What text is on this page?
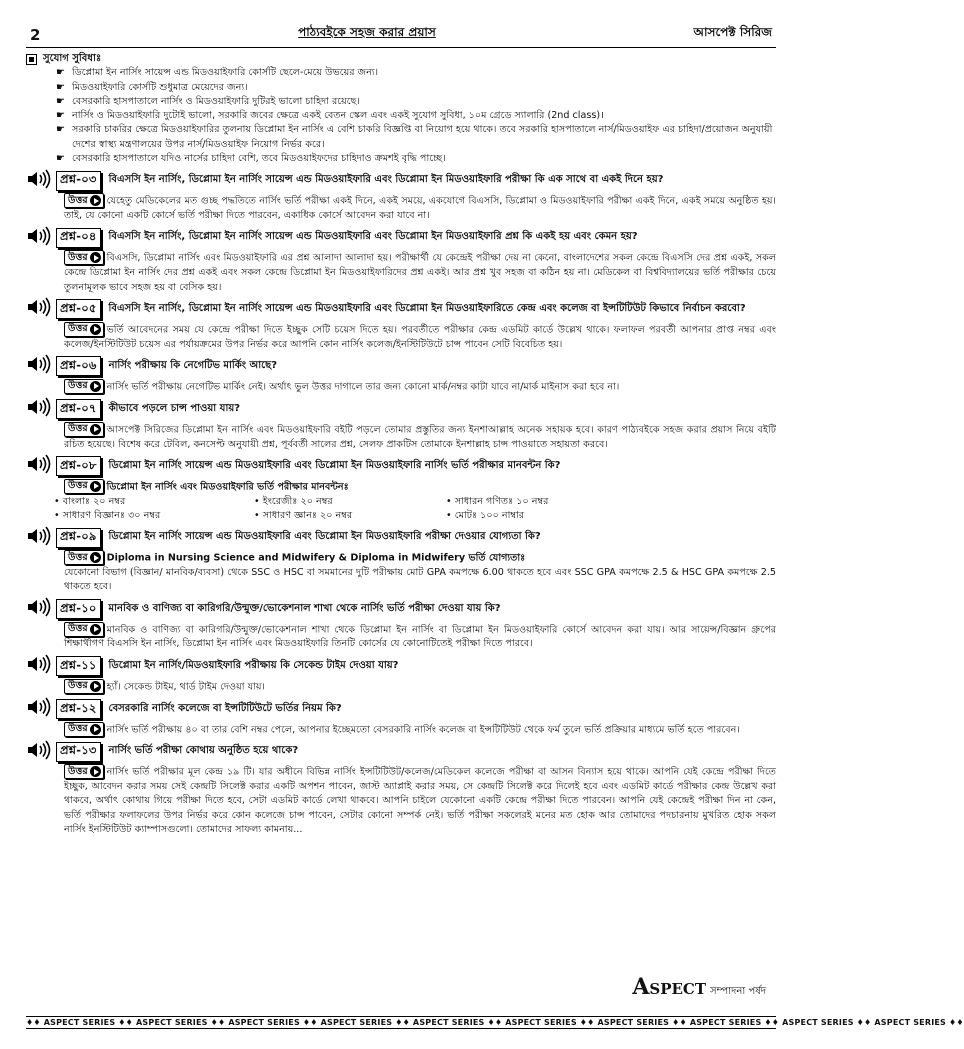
2	পাঠ্যবইকে সহজ করার প্রয়াস	আসপেক্ট সিরিজ
সুযোগ সুবিধাঃ
☛ ডিপ্লোমা ইন নার্সিং সায়েন্স এন্ড মিডওয়াইফারি কোর্সটি ছেলে-মেয়ে উভয়ের জন্য।
☛ মিডওয়াইফারি কোর্সটি শুধুমাত্র মেয়েদের জন্য।
☛ বেসরকারি হাসপাতালে নার্সিং ও মিডওয়াইফারি দুটিরই ভালো চাহিদা রয়েছে।
☛ নার্সিং ও মিডওয়াইফারি দুটোই ভালো, সরকারি জবের ক্ষেত্রে একই বেতন স্কেল এবং একই সুযোগ সুবিধা, ১০ম গ্রেডে স্যালারি (2nd class)।
☛ সরকারি চাকরির ক্ষেত্রে মিডওয়াইফারির তুলনায় ডিপ্লোমা ইন নার্সিং এ বেশি চাকরি বিজ্ঞপ্তি বা নিয়োগ হয়ে থাকে। তবে সরকারি হাসপাতালে নার্স/মিডওয়াইফ এর চাহিদা/প্রয়োজন অনুযায়ী দেশের স্বাস্থ্য মন্ত্রণালয়ের উপর নার্স/মিডওয়াইফ নিয়োগ নির্ভর করে।
☛ বেসরকারি হাসপাতালে যদিও নার্সের চাহিদা বেশি, তবে মিডওয়াইফদের চাহিদাও ক্রমশই বৃদ্ধি পাচ্ছে।
প্রশ্ন-০৩	বিএসসি ইন নার্সিং, ডিপ্লোমা ইন নার্সিং সায়েন্স এন্ড মিডওয়াইফারি এবং ডিপ্লোমা ইন মিডওয়াইফারি পরীক্ষা কি এক সাথে বা একই দিনে হয়?
উত্তর যেহেতু মেডিকেলের মত গুচ্ছ পদ্ধতিতে নার্সিং ভর্তি পরীক্ষা একই দিনে, একই সময়ে, একযোগে বিএসসি, ডিপ্লোমা ও মিডওয়াইফারি পরীক্ষা একই দিনে, একই সময়ে অনুষ্ঠিত হয়। তাই, যে কোনো একটি কোর্সে ভর্তি পরীক্ষা দিতে পারবেন, একাধিক কোর্সে আবেদন করা যাবে না।
প্রশ্ন-০৪	বিএসসি ইন নার্সিং, ডিপ্লোমা ইন নার্সিং সায়েন্স এন্ড মিডওয়াইফারি এবং ডিপ্লোমা ইন মিডওয়াইফারি প্রশ্ন কি একই হয় এবং কেমন হয়?
উত্তর বিএসসি, ডিপ্লোমা নার্সিং এবং মিডওয়াইফারি এর প্রশ্ন আলাদা আলাদা হয়। পরীক্ষার্থী যে কেন্দ্রেই পরীক্ষা দেয় না কেনো, বাংলাদেশের সকল কেন্দ্রে বিএসসি দের প্রশ্ন একই, সকল কেন্দ্রে ডিপ্লোমা ইন নার্সিং দের প্রশ্ন একই এবং সকল কেন্দ্রে ডিপ্লোমা ইন মিডওয়াইফারিদের প্রশ্ন একই। আর প্রশ্ন খুব সহজ বা কঠিন হয় না। মেডিকেল বা বিশ্ববিদ্যালয়ের ভর্তি পরীক্ষার চেয়ে তুলনামূলক ভাবে সহজ হয় বা বেসিক হয়।
প্রশ্ন-০৫	বিএসসি ইন নার্সিং, ডিপ্লোমা ইন নার্সিং সায়েন্স এন্ড মিডওয়াইফারি এবং ডিপ্লোমা ইন মিডওয়াইফারিতে কেন্দ্র এবং কলেজ বা ইন্সটিটিউট কিভাবে নির্বাচন করবো?
উত্তর ভর্তি আবেদনের সময় যে কেন্দ্রে পরীক্ষা দিতে ইচ্ছুক সেটি চয়েস দিতে হয়। পরবর্তীতে পরীক্ষার কেন্দ্র এডমিট কার্ডে উল্লেখ থাকে। ফলাফল পরবর্তী আপনার প্রাপ্ত নম্বর এবং কলেজ/ইনস্টিটিউট চয়েস এর পর্যায়ক্রমের উপর নির্ভর করে আপনি কোন নার্সিং কলেজ/ইনস্টিটিউটে চান্স পাবেন সেটি বিবেচিত হয়।
প্রশ্ন-০৬	নার্সিং পরীক্ষায় কি নেগেটিভ মার্কিং আছে?
উত্তর নার্সিং ভর্তি পরীক্ষায় নেগেটিভ মার্কিং নেই। অর্থাৎ ভুল উত্তর দাগালে তার জন্য কোনো মার্ক/নম্বর কাটা যাবে না/মার্ক মাইনাস করা হবে না।
প্রশ্ন-০৭	কীভাবে পড়লে চান্স পাওয়া যায়?
উত্তর আসপেক্ট সিরিজের ডিপ্লোমা ইন নার্সিং এবং মিডওয়াইফারি বইটি পড়লে তোমার প্রস্তুতির জন্য ইনশাআল্লাহ অনেক সহায়ক হবে। কারণ পাঠ্যবইকে সহজ করার প্রয়াস নিয়ে বইটি রচিত হয়েছে। বিশেষ করে টেবিল, কনসেপ্ট অনুযায়ী প্রশ্ন, পূর্ববর্তী সালের প্রশ্ন, সেলফ প্রাকটিস তোমাকে ইনশাল্লাহ চান্স পাওয়াতে সহায়তা করবে।
প্রশ্ন-০৮	ডিপ্লোমা ইন নার্সিং সায়েন্স এন্ড মিডওয়াইফারি এবং ডিপ্লোমা ইন মিডওয়াইফারি নার্সিং ভর্তি পরীক্ষার মানবন্টন কি?
উত্তর ডিপ্লোমা ইন নার্সিং এবং মিডওয়াইফারি ভর্তি পরীক্ষার মানবন্টনঃ
• বাংলাঃ ২০ নম্বর	• ইংরেজীঃ ২০ নম্বর	• সাধারন গণিতঃ ১০ নম্বর
• সাধারণ বিজ্ঞানঃ ৩০ নম্বর	• সাধারণ জ্ঞানঃ ২০ নম্বর	• মোটঃ ১০০ নাম্বার
প্রশ্ন-০৯	ডিপ্লোমা ইন নার্সিং সায়েন্স এন্ড মিডওয়াইফারি এবং ডিপ্লোমা ইন মিডওয়াইফারি পরীক্ষা দেওয়ার যোগ্যতা কি?
উত্তর Diploma in Nursing Science and Midwifery & Diploma in Midwifery ভর্তি যোগ্যতাঃ
যেকোনো বিভাগ (বিজ্ঞান/ মানবিক/ব্যবসা) থেকে SSC ও HSC বা সমমানের দুটি পরীক্ষায় মোট GPA কমপক্ষে 6.00 থাকতে হবে এবং SSC GPA কমপক্ষে 2.5 & HSC GPA কমপক্ষে 2.5 থাকতে হবে।
প্রশ্ন-১০	মানবিক ও বাণিজ্য বা কারিগরি/উন্মুক্ত/ভোকেশনাল শাখা থেকে নার্সিং ভর্তি পরীক্ষা দেওয়া যায় কি?
উত্তর মানবিক ও বাণিজ্য বা কারিগরি/উন্মুক্ত/ভোকেশনাল শাখা থেকে ডিপ্লোমা ইন নার্সিং বা ডিপ্লোমা ইন মিডওয়াইফারি কোর্সে আবেদন করা যায়। আর সায়েন্স/বিজ্ঞান গ্রুপের শিক্ষার্থীগণ বিএসসি ইন নার্সিং, ডিপ্লোমা ইন নার্সিং এবং মিডওয়াইফারি তিনটি কোর্সের যে কোনোটিতেই পরীক্ষা দিতে পারবে।
প্রশ্ন-১১	ডিপ্লোমা ইন নার্সিং/মিডওয়াইফারি পরীক্ষায় কি সেকেন্ড টাইম দেওয়া যায়?
উত্তর হ্যাঁ। সেকেন্ড টাইম, থার্ড টাইম দেওয়া যায়।
প্রশ্ন-১২	বেসরকারি নার্সিং কলেজে বা ইন্সটিটিউটে ভর্তির নিয়ম কি?
উত্তর নার্সিং ভর্তি পরীক্ষায় ৪০ বা তার বেশি নম্বর পেলে, আপনার ইচ্ছেমতো বেসরকারি নার্সিং কলেজ বা ইন্সটিটিউট থেকে ফর্ম তুলে ভর্তি প্রক্রিয়ার মাধ্যমে ভর্তি হতে পারবেন।
প্রশ্ন-১৩	নার্সিং ভর্তি পরীক্ষা কোথায় অনুষ্ঠিত হয়ে থাকে?
উত্তর নার্সিং ভর্তি পরীক্ষার মূল কেন্দ্র ১৯ টি। যার অধীনে বিভিন্ন নার্সিং ইন্সটিটিউট/কলেজ/মেডিকেল কলেজে পরীক্ষা বা আসন বিন্যাস হয়ে থাকে। আপনি যেই কেন্দ্রে পরীক্ষা দিতে ইচ্ছুক, আবেদন করার সময় সেই কেন্দ্রটি সিলেক্ট করার একটি অপশন পাবেন, জাস্ট অ্যাপ্লাই করার সময়, সে কেন্দ্রটি সিলেক্ট করে দিলেই হবে এবং এডমিট কার্ডে পরীক্ষার কেন্দ্র উল্লেখ করা থাকবে, অর্থাৎ কোথায় গিয়ে পরীক্ষা দিতে হবে, সেটা এডমিট কার্ডে লেখা থাকবে। আপনি চাইলে যেকোনো একটি কেন্দ্রে পরীক্ষা দিতে পারবেন। আপনি যেই কেন্দ্রেই পরীক্ষা দিন না কেন, ভর্তি পরীক্ষার ফলাফলের উপর নির্ভর করে কোন কলেজে চান্স পাবেন, সেটার কোনো সম্পর্ক নেই। ভর্তি পরীক্ষা সকলেরই মনের মত হোক আর তোমাদের পদচারনায় মুখরিত হোক সকল নার্সিং ইনস্টিটিউট ক্যাম্পাসগুলো। তোমাদের সাফল্য কামনায়...
ASPECT সম্পাদনা পর্ষদ
♦♦ ASPECT SERIES ♦♦ ASPECT SERIES ♦♦ ASPECT SERIES ♦♦ ASPECT SERIES ♦♦ ASPECT SERIES ♦♦ ASPECT SERIES ♦♦ ASPECT SERIES ♦♦ ASPECT SERIES ♦♦ ASPECT SERIES ♦♦ ASPECT SERIES ♦♦
